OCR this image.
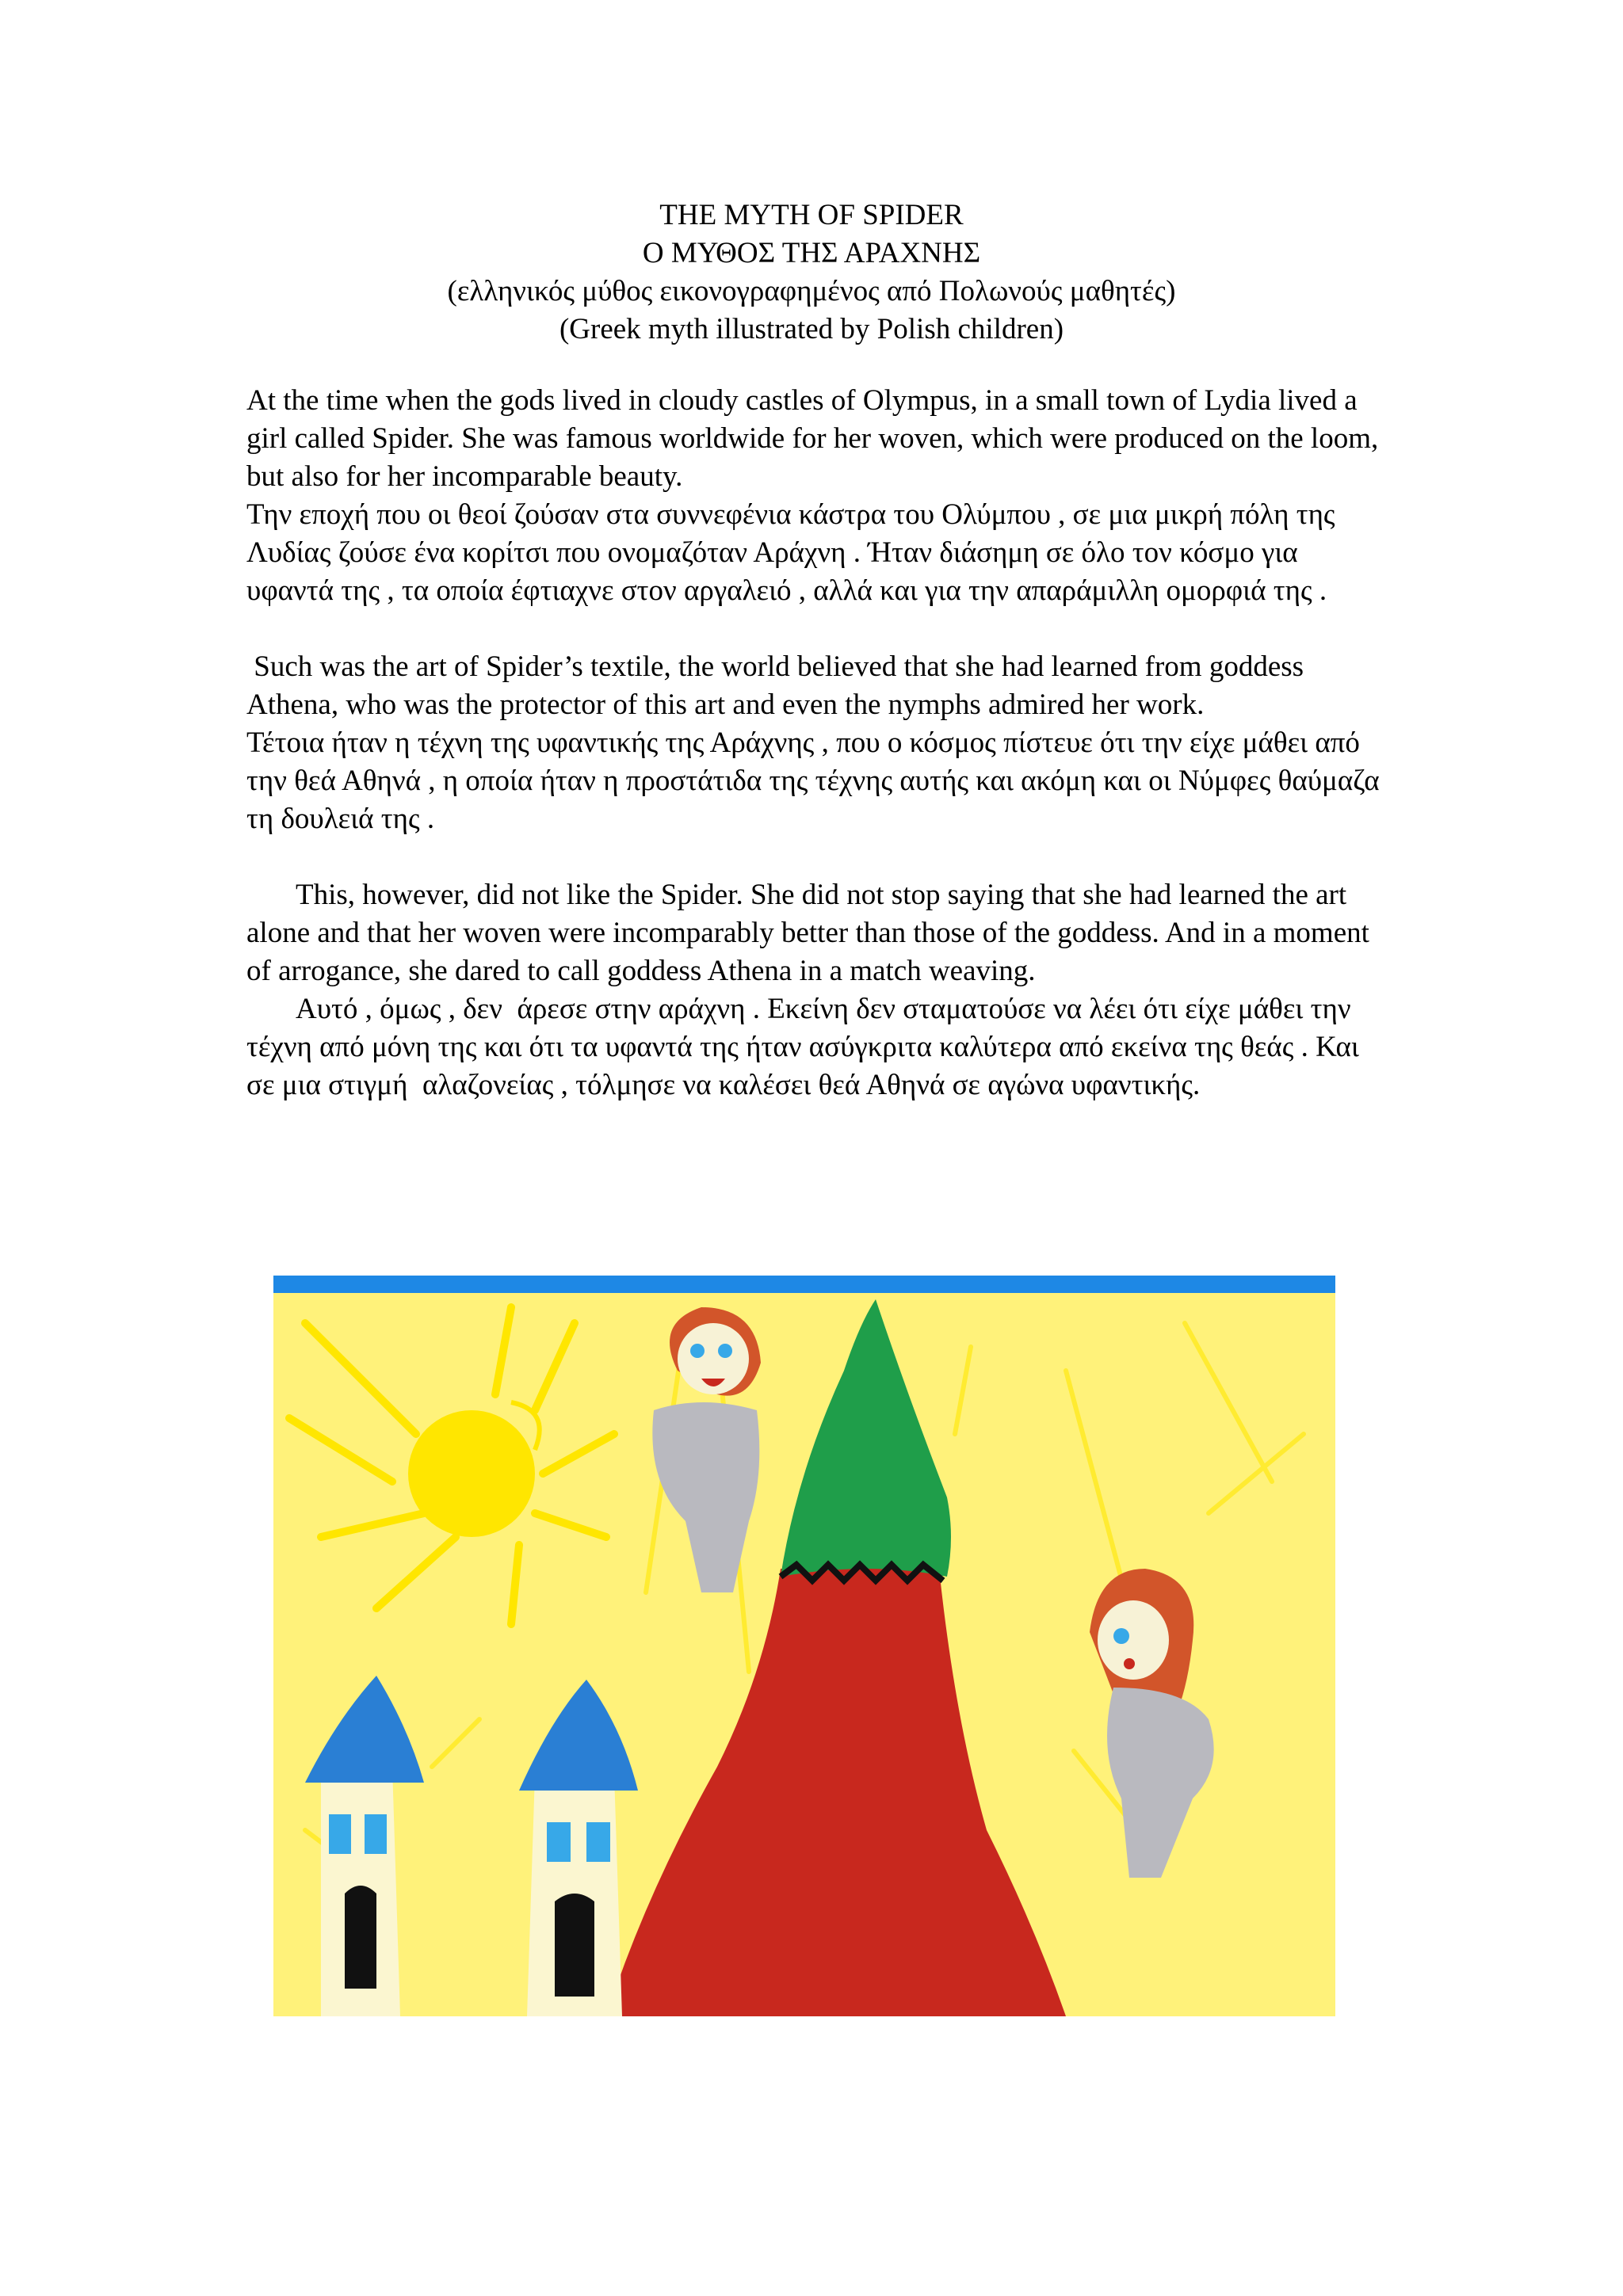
THE MYTH OF SPIDER
Ο ΜΥΘΟΣ ΤΗΣ ΑΡΑΧΝΗΣ
(ελληνικός μύθος εικονογραφημένος από Πολωνούς μαθητές)
(Greek myth illustrated by Polish children)

At the time when the gods lived in cloudy castles of Olympus, in a small town of Lydia lived a girl called Spider. She was famous worldwide for her woven, which were produced on the loom, but also for her incomparable beauty.

Την εποχή που οι θεοί ζούσαν στα συννεφένια κάστρα του Ολύμπου , σε μια μικρή πόλη της Λυδίας ζούσε ένα κορίτσι που ονομαζόταν Αράχνη . Ήταν διάσημη σε όλο τον κόσμο για υφαντά της , τα οποία έφτιαχνε στον αργαλειό , αλλά και για την απαράμιλλη ομορφιά της .

Such was the art of Spider’s textile, the world believed that she had learned from goddess Athena, who was the protector of this art and even the nymphs admired her work.

Τέτοια ήταν η τέχνη της υφαντικής της Αράχνης , που ο κόσμος πίστευε ότι την είχε μάθει από την θεά Αθηνά , η οποία ήταν η προστάτιδα της τέχνης αυτής και ακόμη και οι Νύμφες θαύμαζα τη δουλειά της .

This, however, did not like the Spider. She did not stop saying that she had learned the art alone and that her woven were incomparably better than those of the goddess. And in a moment of arrogance, she dared to call goddess Athena in a match weaving.

Αυτό , όμως , δεν  άρεσε στην αράχνη . Εκείνη δεν σταματούσε να λέει ότι είχε μάθει την τέχνη από μόνη της και ότι τα υφαντά της ήταν ασύγκριτα καλύτερα από εκείνα της θεάς . Και σε μια στιγμή  αλαζονείας , τόλμησε να καλέσει θεά Αθηνά σε αγώνα υφαντικής.
